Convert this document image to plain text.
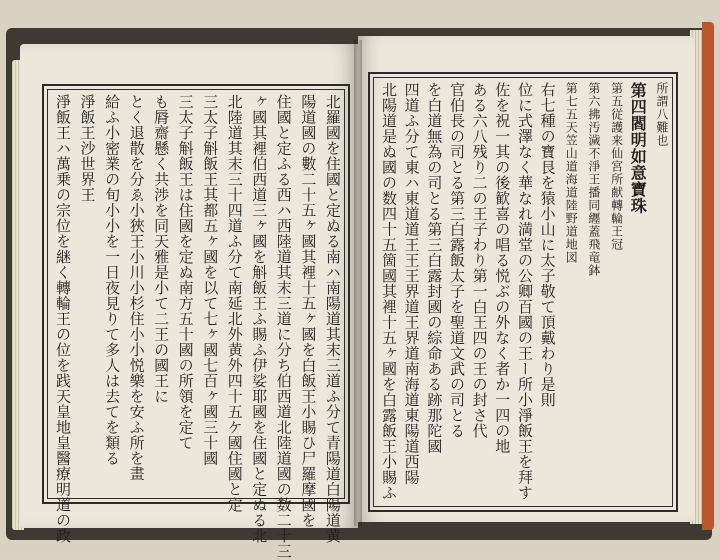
所謂八難也
第四閻明如意寶珠
第五従護来仙宮所献轉輪王冠
第六拂汚濊不淨王播同纒蓋飛竜鉢
第七五天笠山道海道陸野道地図
右七種の寶艮を猿小山に太子敬て頂戴わり是則
位に式澤なく華なれ満堂の公卿百國の王ー所小淨飯王を拜す
佐を祝一其の後歓喜の唱る悦ぶの外なく者か一四の地
ある六八残り二の王子わり第一白王四の王の封さ代
官伯長の司とる第三白露飯太子を聖道文武の司とる
を白道無為の司とる第三白露封國の綜命ある跡那陀國
四道ふ分て東ハ東道道王王王界道王界道南海道東陽道西陽
北陽道是ぬ國の数四十五箇國其裡十五ヶ國を白露飯王小賜ふ
北羅國を住國と定ぬる南ハ南陽道其末三道ふ分て青陽道白陽道黄
陽道國の數二十五ヶ國其裡十五ヶ國を白飯王小賜ひ尸羅摩國を
住國と定ふる西ハ西陸道其末三道に分ち伯西道北陸道國の数二十三
ヶ國其裡伯西道三ヶ國を斛飯王ふ賜ふ伊娑耶國を住國と定ぬる北
北陸道其末三十四道ふ分て南延北外黄外四十五ケ國住國と定
三太子斛飯王其都五ヶ國を以て七ヶ國七百ヶ國三十國
三太子斛飯王は住國を定ぬ南方五十國の所領を定て
も脣齋懸く共渉を同天雅是小て二王の國王に
とく退散を分ゑ小狹王小川小杉住小小悦樂を安ふ所を畫
給ふ小密業の旬小小を一日夜見りて多人は去てを類る
淨飯王沙世界王
淨飯王ハ萬乗の宗位を継く轉輪王の位を践天皇地皇醫療明道の政
